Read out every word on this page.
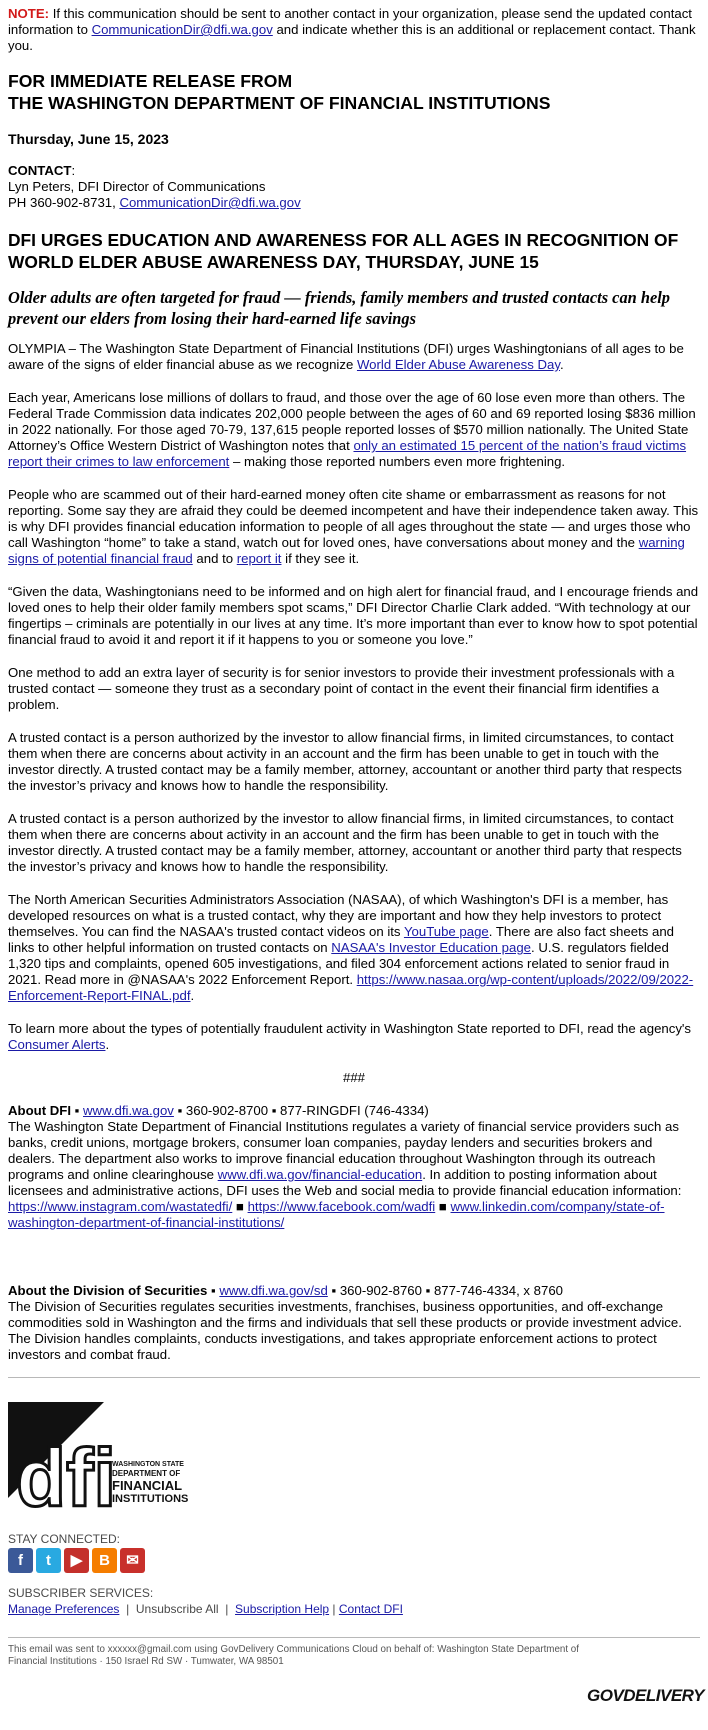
NOTE: If this communication should be sent to another contact in your organization, please send the updated contact information to CommunicationDir@dfi.wa.gov and indicate whether this is an additional or replacement contact. Thank you.

FOR IMMEDIATE RELEASE FROM
THE WASHINGTON DEPARTMENT OF FINANCIAL INSTITUTIONS
Thursday, June 15, 2023
CONTACT:
Lyn Peters, DFI Director of Communications
PH 360-902-8731, CommunicationDir@dfi.wa.gov
DFI URGES EDUCATION AND AWARENESS FOR ALL AGES IN RECOGNITION OF WORLD ELDER ABUSE AWARENESS DAY, THURSDAY, JUNE 15
Older adults are often targeted for fraud — friends, family members and trusted contacts can help prevent our elders from losing their hard-earned life savings

OLYMPIA – The Washington State Department of Financial Institutions (DFI) urges Washingtonians of all ages to be aware of the signs of elder financial abuse as we recognize World Elder Abuse Awareness Day.

Each year, Americans lose millions of dollars to fraud, and those over the age of 60 lose even more than others. The Federal Trade Commission data indicates 202,000 people between the ages of 60 and 69 reported losing $836 million in 2022 nationally. For those aged 70-79, 137,615 people reported losses of $570 million nationally. The United State Attorney’s Office Western District of Washington notes that only an estimated 15 percent of the nation’s fraud victims report their crimes to law enforcement – making those reported numbers even more frightening.

People who are scammed out of their hard-earned money often cite shame or embarrassment as reasons for not reporting. Some say they are afraid they could be deemed incompetent and have their independence taken away. This is why DFI provides financial education information to people of all ages throughout the state — and urges those who call Washington “home” to take a stand, watch out for loved ones, have conversations about money and the warning signs of potential financial fraud and to report it if they see it.

“Given the data, Washingtonians need to be informed and on high alert for financial fraud, and I encourage friends and loved ones to help their older family members spot scams,” DFI Director Charlie Clark added. “With technology at our fingertips – criminals are potentially in our lives at any time. It’s more important than ever to know how to spot potential financial fraud to avoid it and report it if it happens to you or someone you love.”

One method to add an extra layer of security is for senior investors to provide their investment professionals with a trusted contact — someone they trust as a secondary point of contact in the event their financial firm identifies a problem.

A trusted contact is a person authorized by the investor to allow financial firms, in limited circumstances, to contact them when there are concerns about activity in an account and the firm has been unable to get in touch with the investor directly. A trusted contact may be a family member, attorney, accountant or another third party that respects the investor’s privacy and knows how to handle the responsibility.

A trusted contact is a person authorized by the investor to allow financial firms, in limited circumstances, to contact them when there are concerns about activity in an account and the firm has been unable to get in touch with the investor directly. A trusted contact may be a family member, attorney, accountant or another third party that respects the investor’s privacy and knows how to handle the responsibility.

The North American Securities Administrators Association (NASAA), of which Washington's DFI is a member, has developed resources on what is a trusted contact, why they are important and how they help investors to protect themselves. You can find the NASAA's trusted contact videos on its YouTube page. There are also fact sheets and links to other helpful information on trusted contacts on NASAA's Investor Education page. U.S. regulators fielded 1,320 tips and complaints, opened 605 investigations, and filed 304 enforcement actions related to senior fraud in 2021. Read more in @NASAA's 2022 Enforcement Report. https://www.nasaa.org/wp-content/uploads/2022/09/2022-Enforcement-Report-FINAL.pdf.

To learn more about the types of potentially fraudulent activity in Washington State reported to DFI, read the agency's Consumer Alerts.

###

About DFI ▪ www.dfi.wa.gov ▪ 360-902-8700 ▪ 877-RINGDFI (746-4334)
The Washington State Department of Financial Institutions regulates a variety of financial service providers such as banks, credit unions, mortgage brokers, consumer loan companies, payday lenders and securities brokers and dealers. The department also works to improve financial education throughout Washington through its outreach programs and online clearinghouse www.dfi.wa.gov/financial-education. In addition to posting information about licensees and administrative actions, DFI uses the Web and social media to provide financial education information: https://www.instagram.com/wastatedfi/ ■ https://www.facebook.com/wadfi ■ www.linkedin.com/company/state-of-washington-department-of-financial-institutions/
About the Division of Securities ▪ www.dfi.wa.gov/sd ▪ 360-902-8760 ▪ 877-746-4334, x 8760
The Division of Securities regulates securities investments, franchises, business opportunities, and off-exchange commodities sold in Washington and the firms and individuals that sell these products or provide investment advice. The Division handles complaints, conducts investigations, and takes appropriate enforcement actions to protect investors and combat fraud.
dfi
WASHINGTON STATE
DEPARTMENT OF
FINANCIAL
INSTITUTIONS
STAY CONNECTED:
f	t	▶	B	✉
SUBSCRIBER SERVICES:
Manage Preferences  |  Unsubscribe All  |  Subscription Help | Contact DFI
This email was sent to xxxxxx@gmail.com using GovDelivery Communications Cloud on behalf of: Washington State Department of Financial Institutions · 150 Israel Rd SW · Tumwater, WA 98501
GOVDELIVERY
